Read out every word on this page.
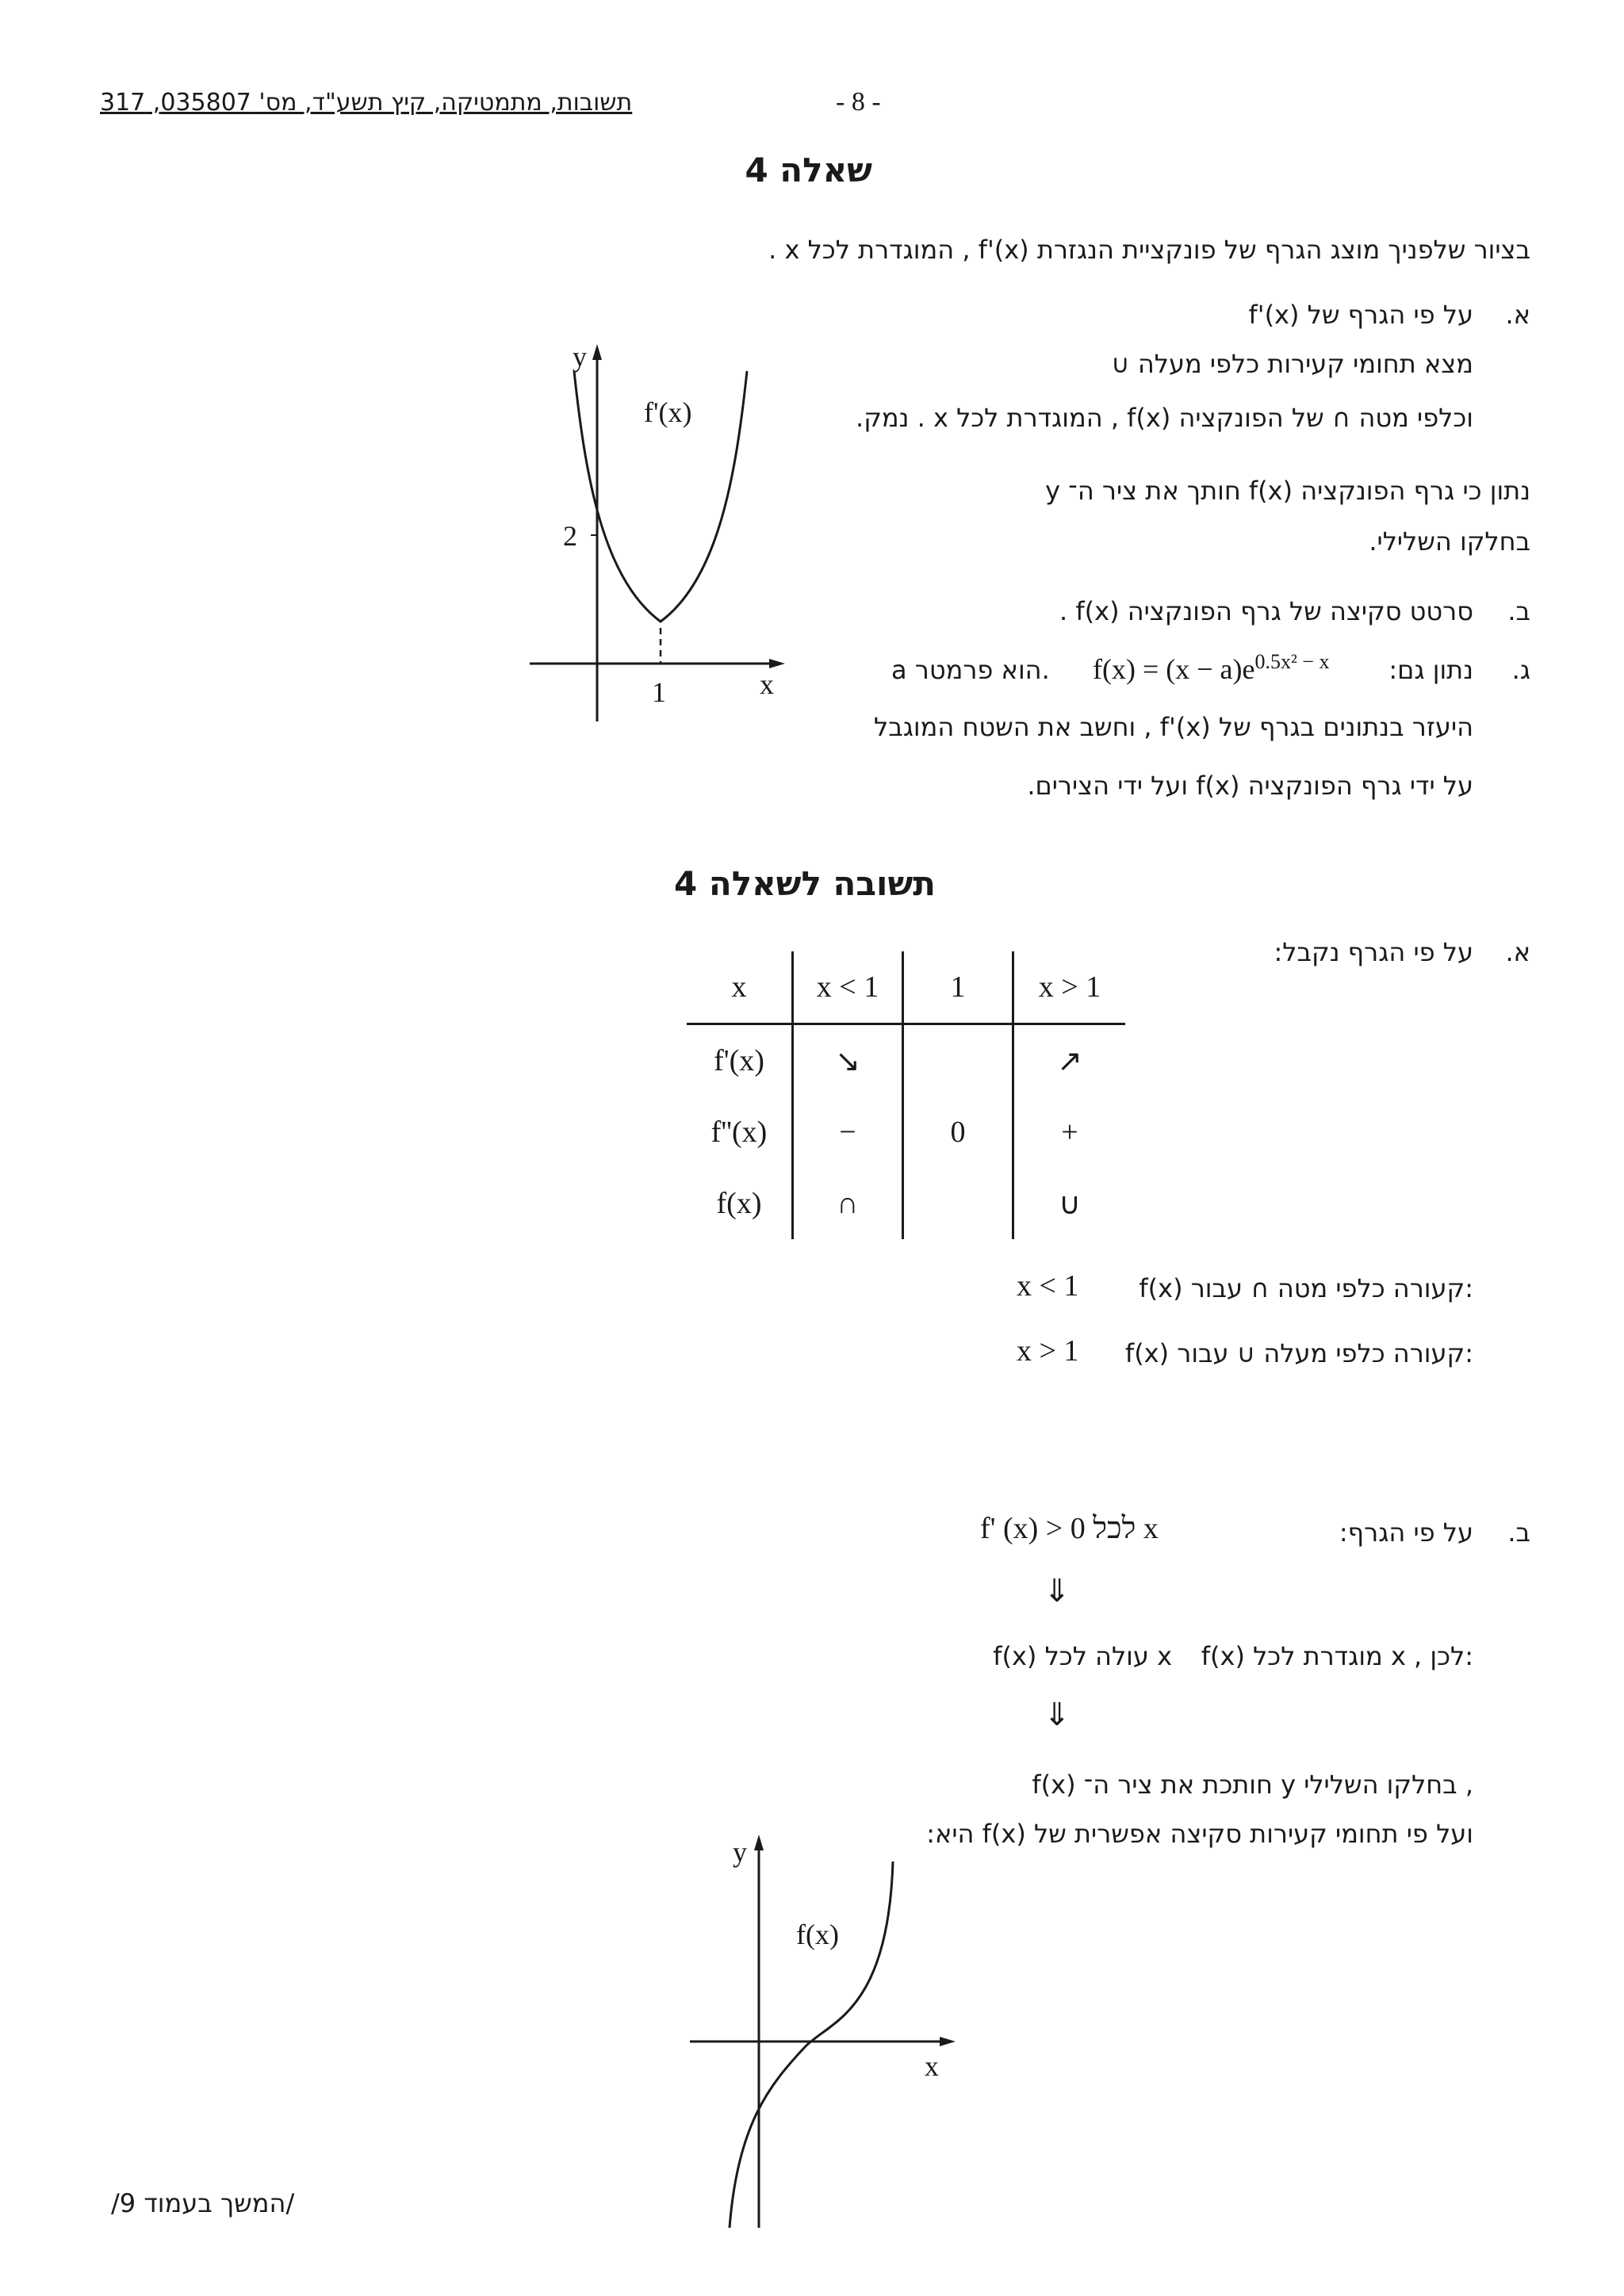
תשובות, מתמטיקה, קיץ תשע"ד, מס' 035807, 317	- 8 -
שאלה 4
בציור שלפניך מוצג הגרף של פונקציית הנגזרת f'(x) , המוגדרת לכל x .
א.
על פי הגרף של f'(x)
מצא תחומי קעירות כלפי מעלה ∪
וכלפי מטה ∩ של הפונקציה f(x) , המוגדרת לכל x . נמק.
נתון כי גרף הפונקציה f(x) חותך את ציר ה־ y
בחלקו השלילי.
ב.
סרטט סקיצה של גרף הפונקציה f(x) .
ג.
נתון גם:
$f(x) = (x - a)e^{0.5x^2 - x}$
a הוא פרמטר.
היעזר בנתונים בגרף של f'(x) , וחשב את השטח המוגבל
על ידי גרף הפונקציה f(x) ועל ידי הצירים.
y
x
f'(x)
2
1
תשובה לשאלה 4
א.
על פי הגרף נקבל:
x	x < 1	1	x > 1
f'(x)	↘		↗
f''(x)	−	0	+
f(x)	∩		∪
f(x) קעורה כלפי מטה ∩ עבור:
x < 1
f(x) קעורה כלפי מעלה ∪ עבור:
x > 1
ב.
על פי הגרף:
f' (x) > 0 לכל x
⇓
f(x) מוגדרת לכל x , לכן:
f(x) עולה לכל x
⇓
f(x) חותכת את ציר ה־ y בחלקו השלילי ,
ועל פי תחומי קעירות סקיצה אפשרית של f(x) היא:
y
x
f(x)
/המשך בעמוד 9/
